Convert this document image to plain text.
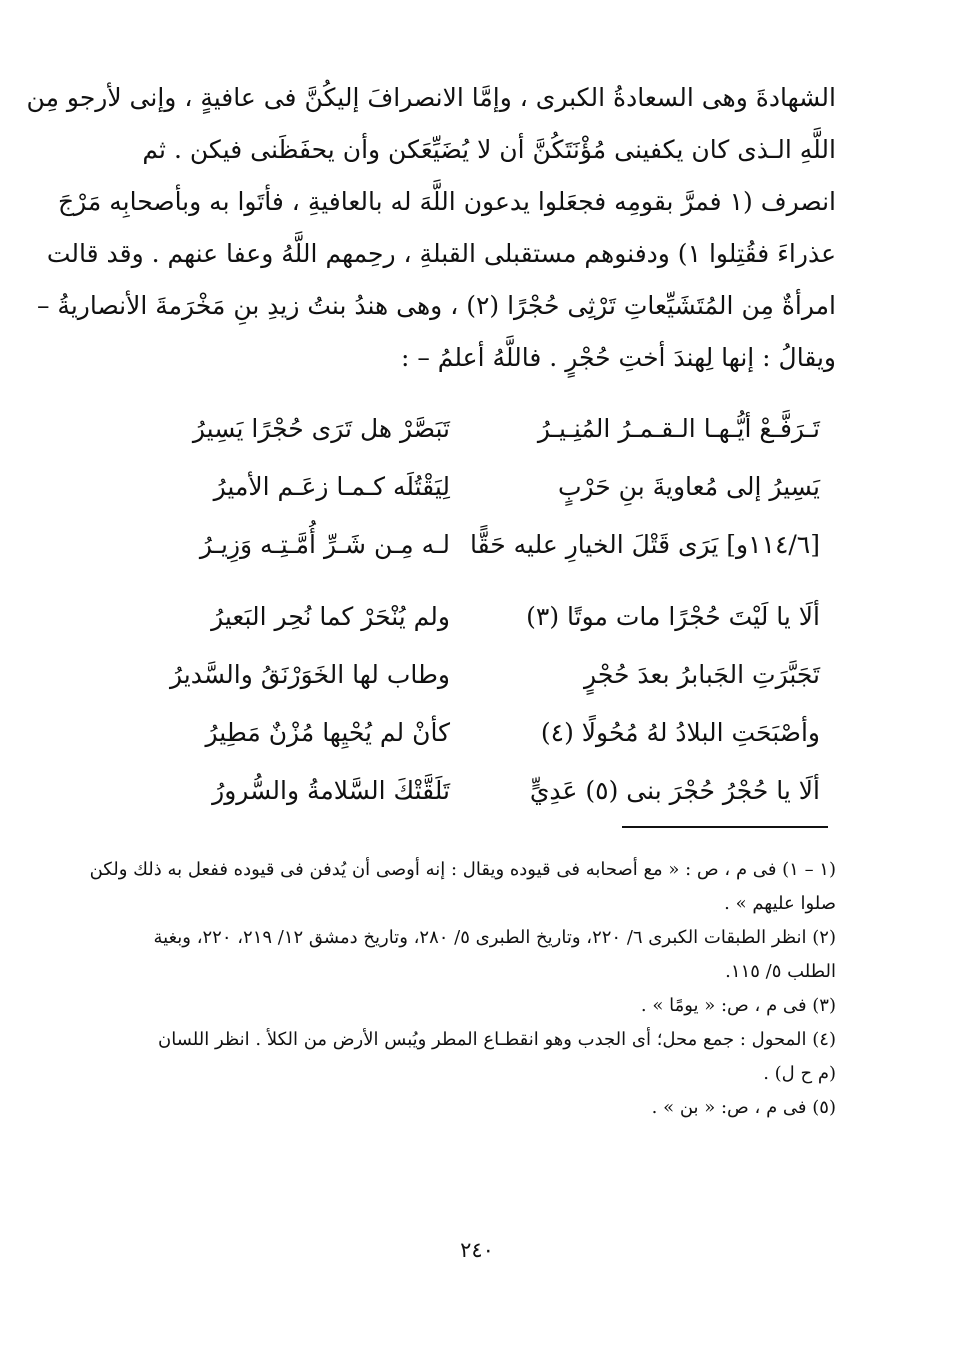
الشهادةَ وهى السعادةُ الكبرى ، وإمَّا الانصرافَ إليكُنَّ فى عافيةٍ ، وإنى لأرجو مِن
اللَّهِ الـذى كان يكفينى مُؤْنَتَكُنَّ أن لا يُضَيِّعَكن وأن يحفَظَنى فيكن . ثم
انصرف (١ فمرَّ بقومِه فجعَلوا يدعون اللَّهَ له بالعافيةِ ، فأتَوا به وبأصحابِه مَرْجَ
عذراءَ فقُتِلوا ١) ودفنوهم مستقبلى القبلةِ ، رحِمهم اللَّهُ وعفا عنهم . وقد قالت
امرأةٌ مِن المُتَشَيِّعاتِ تَرْثِى حُجْرًا (٢) ، وهى هندُ بنتُ زيدِ بنِ مَخْرَمةَ الأنصاريةُ –
ويقالُ : إنها لِهندَ أختِ حُجْرٍ . فاللَّهُ أعلمُ – :
تَـرَفَّـعْ أيُّـهـا الـقـمـرُ المُنِـيـرُ
تَبَصَّرْ هل تَرَى حُجْرًا يَسِيرُ
يَسِيرُ إلى مُعاويةَ بنِ حَرْبٍ
لِيَقْتُلَه كـمـا زعَـم الأميرُ
[١١٤/٦و] يَرَى قَتْلَ الخيارِ عليه حَقًّا
لـه مِـن شَـرِّ أُمَّـتِـه وَزِيـرُ
ألَا يا لَيْتَ حُجْرًا مات موتًا (٣)
ولم يُنْحَرْ كما نُحِر البَعيرُ
تَجَبَّرَتِ الجَبابرُ بعدَ حُجْرٍ
وطاب لها الخَوَرْنَقُ والسَّديرُ
وأصْبَحَتِ البلادُ لهُ مُحُولًا (٤)
كأنْ لم يُحْيِها مُزْنٌ مَطِيرُ
ألَا يا حُجْرُ حُجْرَ بنى (٥) عَدِيٍّ
تَلَقَّتْكَ السَّلامةُ والسُّرورُ
(١ – ١) فى م ، ص : « مع أصحابه فى قيوده ويقال : إنه أوصى أن يُدفن فى قيوده ففعل به ذلك ولكن
صلوا عليهم » .
(٢) انظر الطبقات الكبرى ٦/ ٢٢٠، وتاريخ الطبرى ٥/ ٢٨٠، وتاريخ دمشق ١٢/ ٢١٩، ٢٢٠، وبغية
الطلب ٥/ ١١٥.
(٣) فى م ، ص: « يومًا » .
(٤) المحول : جمع محل؛ أى الجدب وهو انقطـاع المطر ويُبس الأرض من الكلأ . انظر اللسان
(م ح ل) .
(٥) فى م ، ص: « بن » .
٢٤٠
